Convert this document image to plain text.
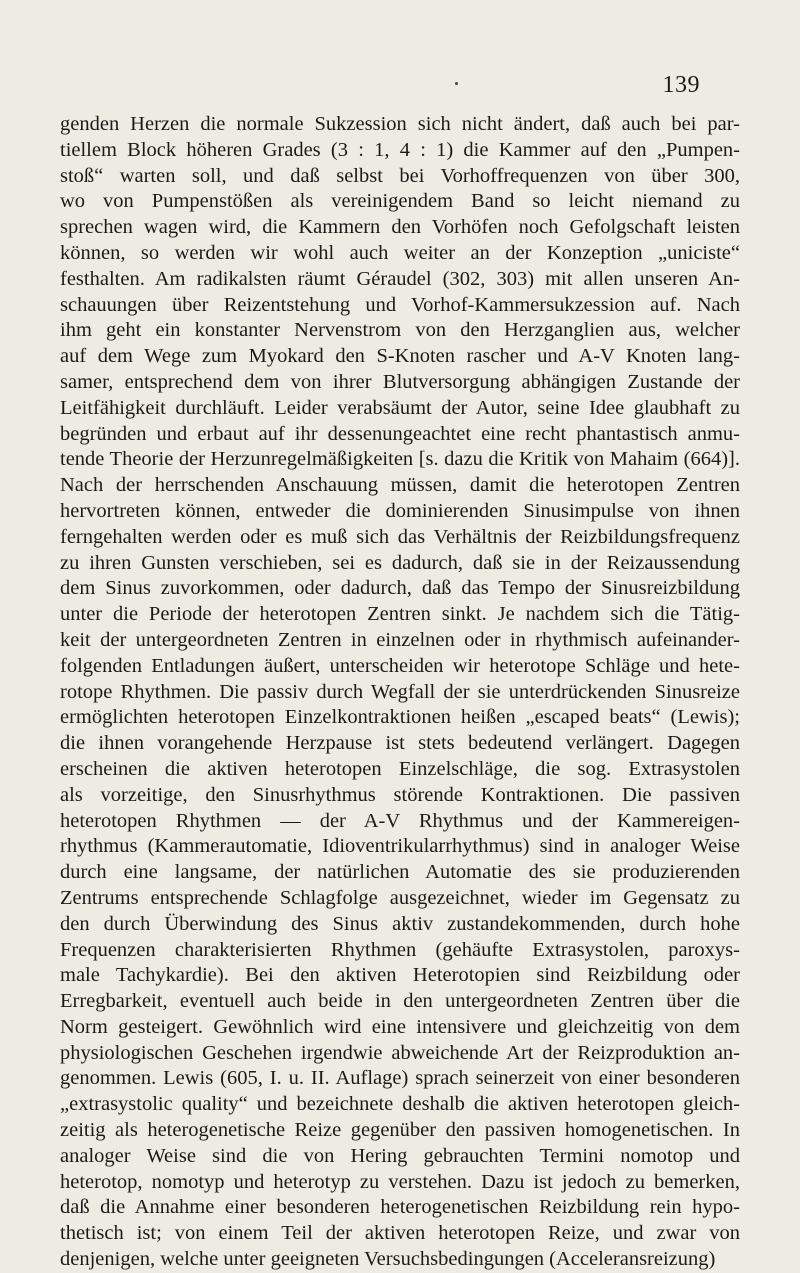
139
genden Herzen die normale Sukzession sich nicht ändert, daß auch bei par-
tiellem Block höheren Grades (3 : 1, 4 : 1) die Kammer auf den „Pumpen-
stoß“ warten soll, und daß selbst bei Vorhoffrequenzen von über 300,
wo von Pumpenstößen als vereinigendem Band so leicht niemand zu
sprechen wagen wird, die Kammern den Vorhöfen noch Gefolgschaft leisten
können, so werden wir wohl auch weiter an der Konzeption „uniciste“
festhalten. Am radikalsten räumt Géraudel (302, 303) mit allen unseren An-
schauungen über Reizentstehung und Vorhof-Kammersukzession auf. Nach
ihm geht ein konstanter Nervenstrom von den Herzganglien aus, welcher
auf dem Wege zum Myokard den S-Knoten rascher und A-V Knoten lang-
samer, entsprechend dem von ihrer Blutversorgung abhängigen Zustande der
Leitfähigkeit durchläuft. Leider verabsäumt der Autor, seine Idee glaubhaft zu
begründen und erbaut auf ihr dessenungeachtet eine recht phantastisch anmu-
tende Theorie der Herzunregelmäßigkeiten [s. dazu die Kritik von Mahaim (664)].
Nach der herrschenden Anschauung müssen, damit die heterotopen Zentren
hervortreten können, entweder die dominierenden Sinusimpulse von ihnen
ferngehalten werden oder es muß sich das Verhältnis der Reizbildungsfrequenz
zu ihren Gunsten verschieben, sei es dadurch, daß sie in der Reizaussendung
dem Sinus zuvorkommen, oder dadurch, daß das Tempo der Sinusreizbildung
unter die Periode der heterotopen Zentren sinkt. Je nachdem sich die Tätig-
keit der untergeordneten Zentren in einzelnen oder in rhythmisch aufeinander-
folgenden Entladungen äußert, unterscheiden wir heterotope Schläge und hete-
rotope Rhythmen. Die passiv durch Wegfall der sie unterdrückenden Sinusreize
ermöglichten heterotopen Einzelkontraktionen heißen „escaped beats“ (Lewis);
die ihnen vorangehende Herzpause ist stets bedeutend verlängert. Dagegen
erscheinen die aktiven heterotopen Einzelschläge, die sog. Extrasystolen
als vorzeitige, den Sinusrhythmus störende Kontraktionen. Die passiven
heterotopen Rhythmen — der A-V Rhythmus und der Kammereigen-
rhythmus (Kammerautomatie, Idioventrikularrhythmus) sind in analoger Weise
durch eine langsame, der natürlichen Automatie des sie produzierenden
Zentrums entsprechende Schlagfolge ausgezeichnet, wieder im Gegensatz zu
den durch Überwindung des Sinus aktiv zustandekommenden, durch hohe
Frequenzen charakterisierten Rhythmen (gehäufte Extrasystolen, paroxys-
male Tachykardie). Bei den aktiven Heterotopien sind Reizbildung oder
Erregbarkeit, eventuell auch beide in den untergeordneten Zentren über die
Norm gesteigert. Gewöhnlich wird eine intensivere und gleichzeitig von dem
physiologischen Geschehen irgendwie abweichende Art der Reizproduktion an-
genommen. Lewis (605, I. u. II. Auflage) sprach seinerzeit von einer besonderen
„extrasystolic quality“ und bezeichnete deshalb die aktiven heterotopen gleich-
zeitig als heterogenetische Reize gegenüber den passiven homogenetischen. In
analoger Weise sind die von Hering gebrauchten Termini nomotop und
heterotop, nomotyp und heterotyp zu verstehen. Dazu ist jedoch zu bemerken,
daß die Annahme einer besonderen heterogenetischen Reizbildung rein hypo-
thetisch ist; von einem Teil der aktiven heterotopen Reize, und zwar von
denjenigen, welche unter geeigneten Versuchsbedingungen (Acceleransreizung)
